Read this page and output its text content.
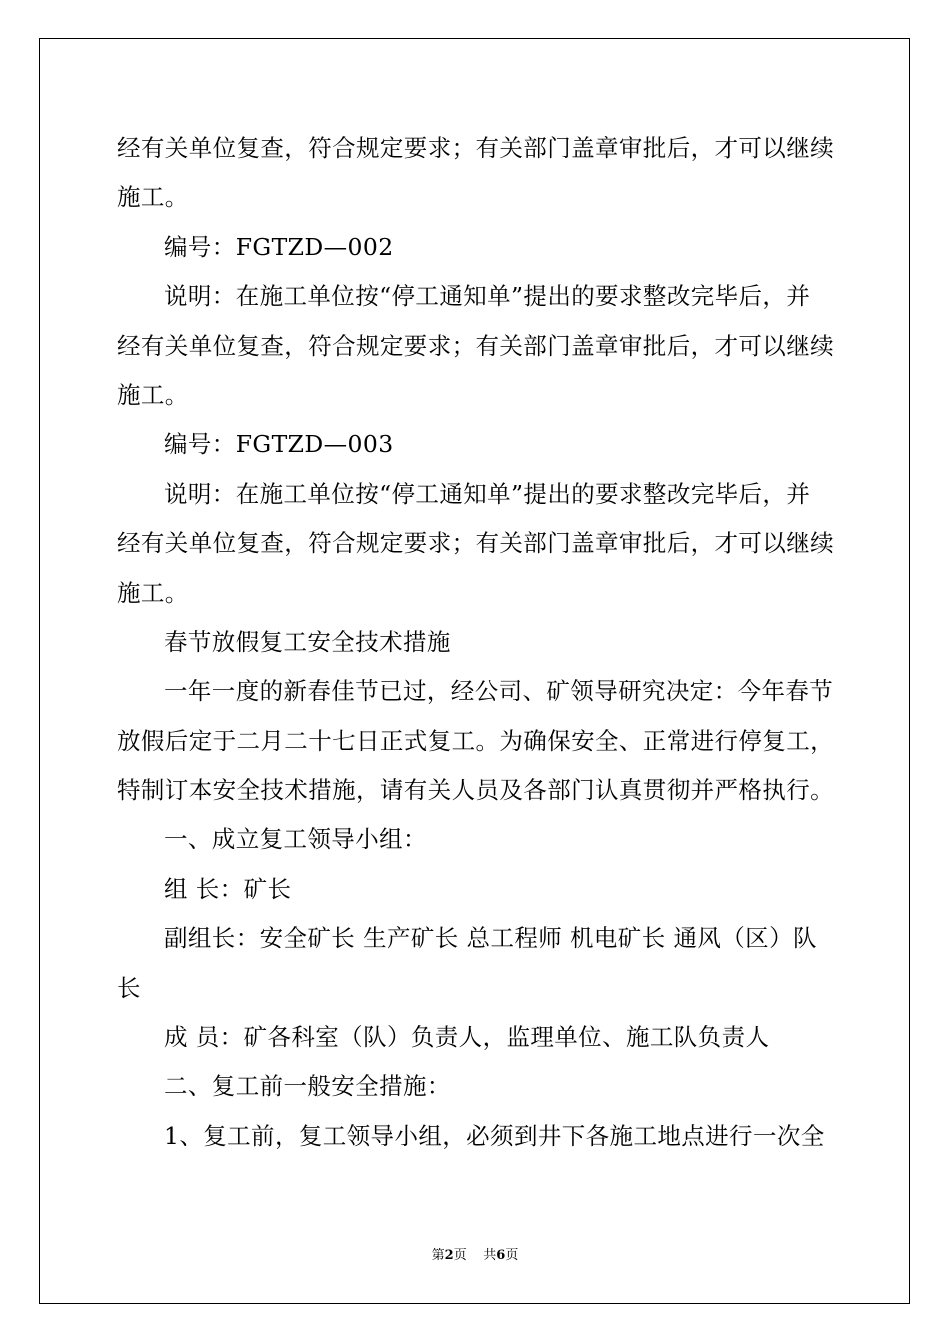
经有关单位复查，符合规定要求；有关部门盖章审批后，才可以继续
施工。
编号：FGTZD—002
说明：在施工单位按“停工通知单”提出的要求整改完毕后，并
经有关单位复查，符合规定要求；有关部门盖章审批后，才可以继续
施工。
编号：FGTZD—003
说明：在施工单位按“停工通知单”提出的要求整改完毕后，并
经有关单位复查，符合规定要求；有关部门盖章审批后，才可以继续
施工。
春节放假复工安全技术措施
一年一度的新春佳节已过，经公司、矿领导研究决定：今年春节
放假后定于二月二十七日正式复工。为确保安全、正常进行停复工，
特制订本安全技术措施，请有关人员及各部门认真贯彻并严格执行。
一、成立复工领导小组：
组 长：矿长
副组长：安全矿长 生产矿长 总工程师 机电矿长 通风（区）队
长
成 员：矿各科室（队）负责人，监理单位、施工队负责人
二、复工前一般安全措施：
1、复工前，复工领导小组，必须到井下各施工地点进行一次全
第2页 共6页
